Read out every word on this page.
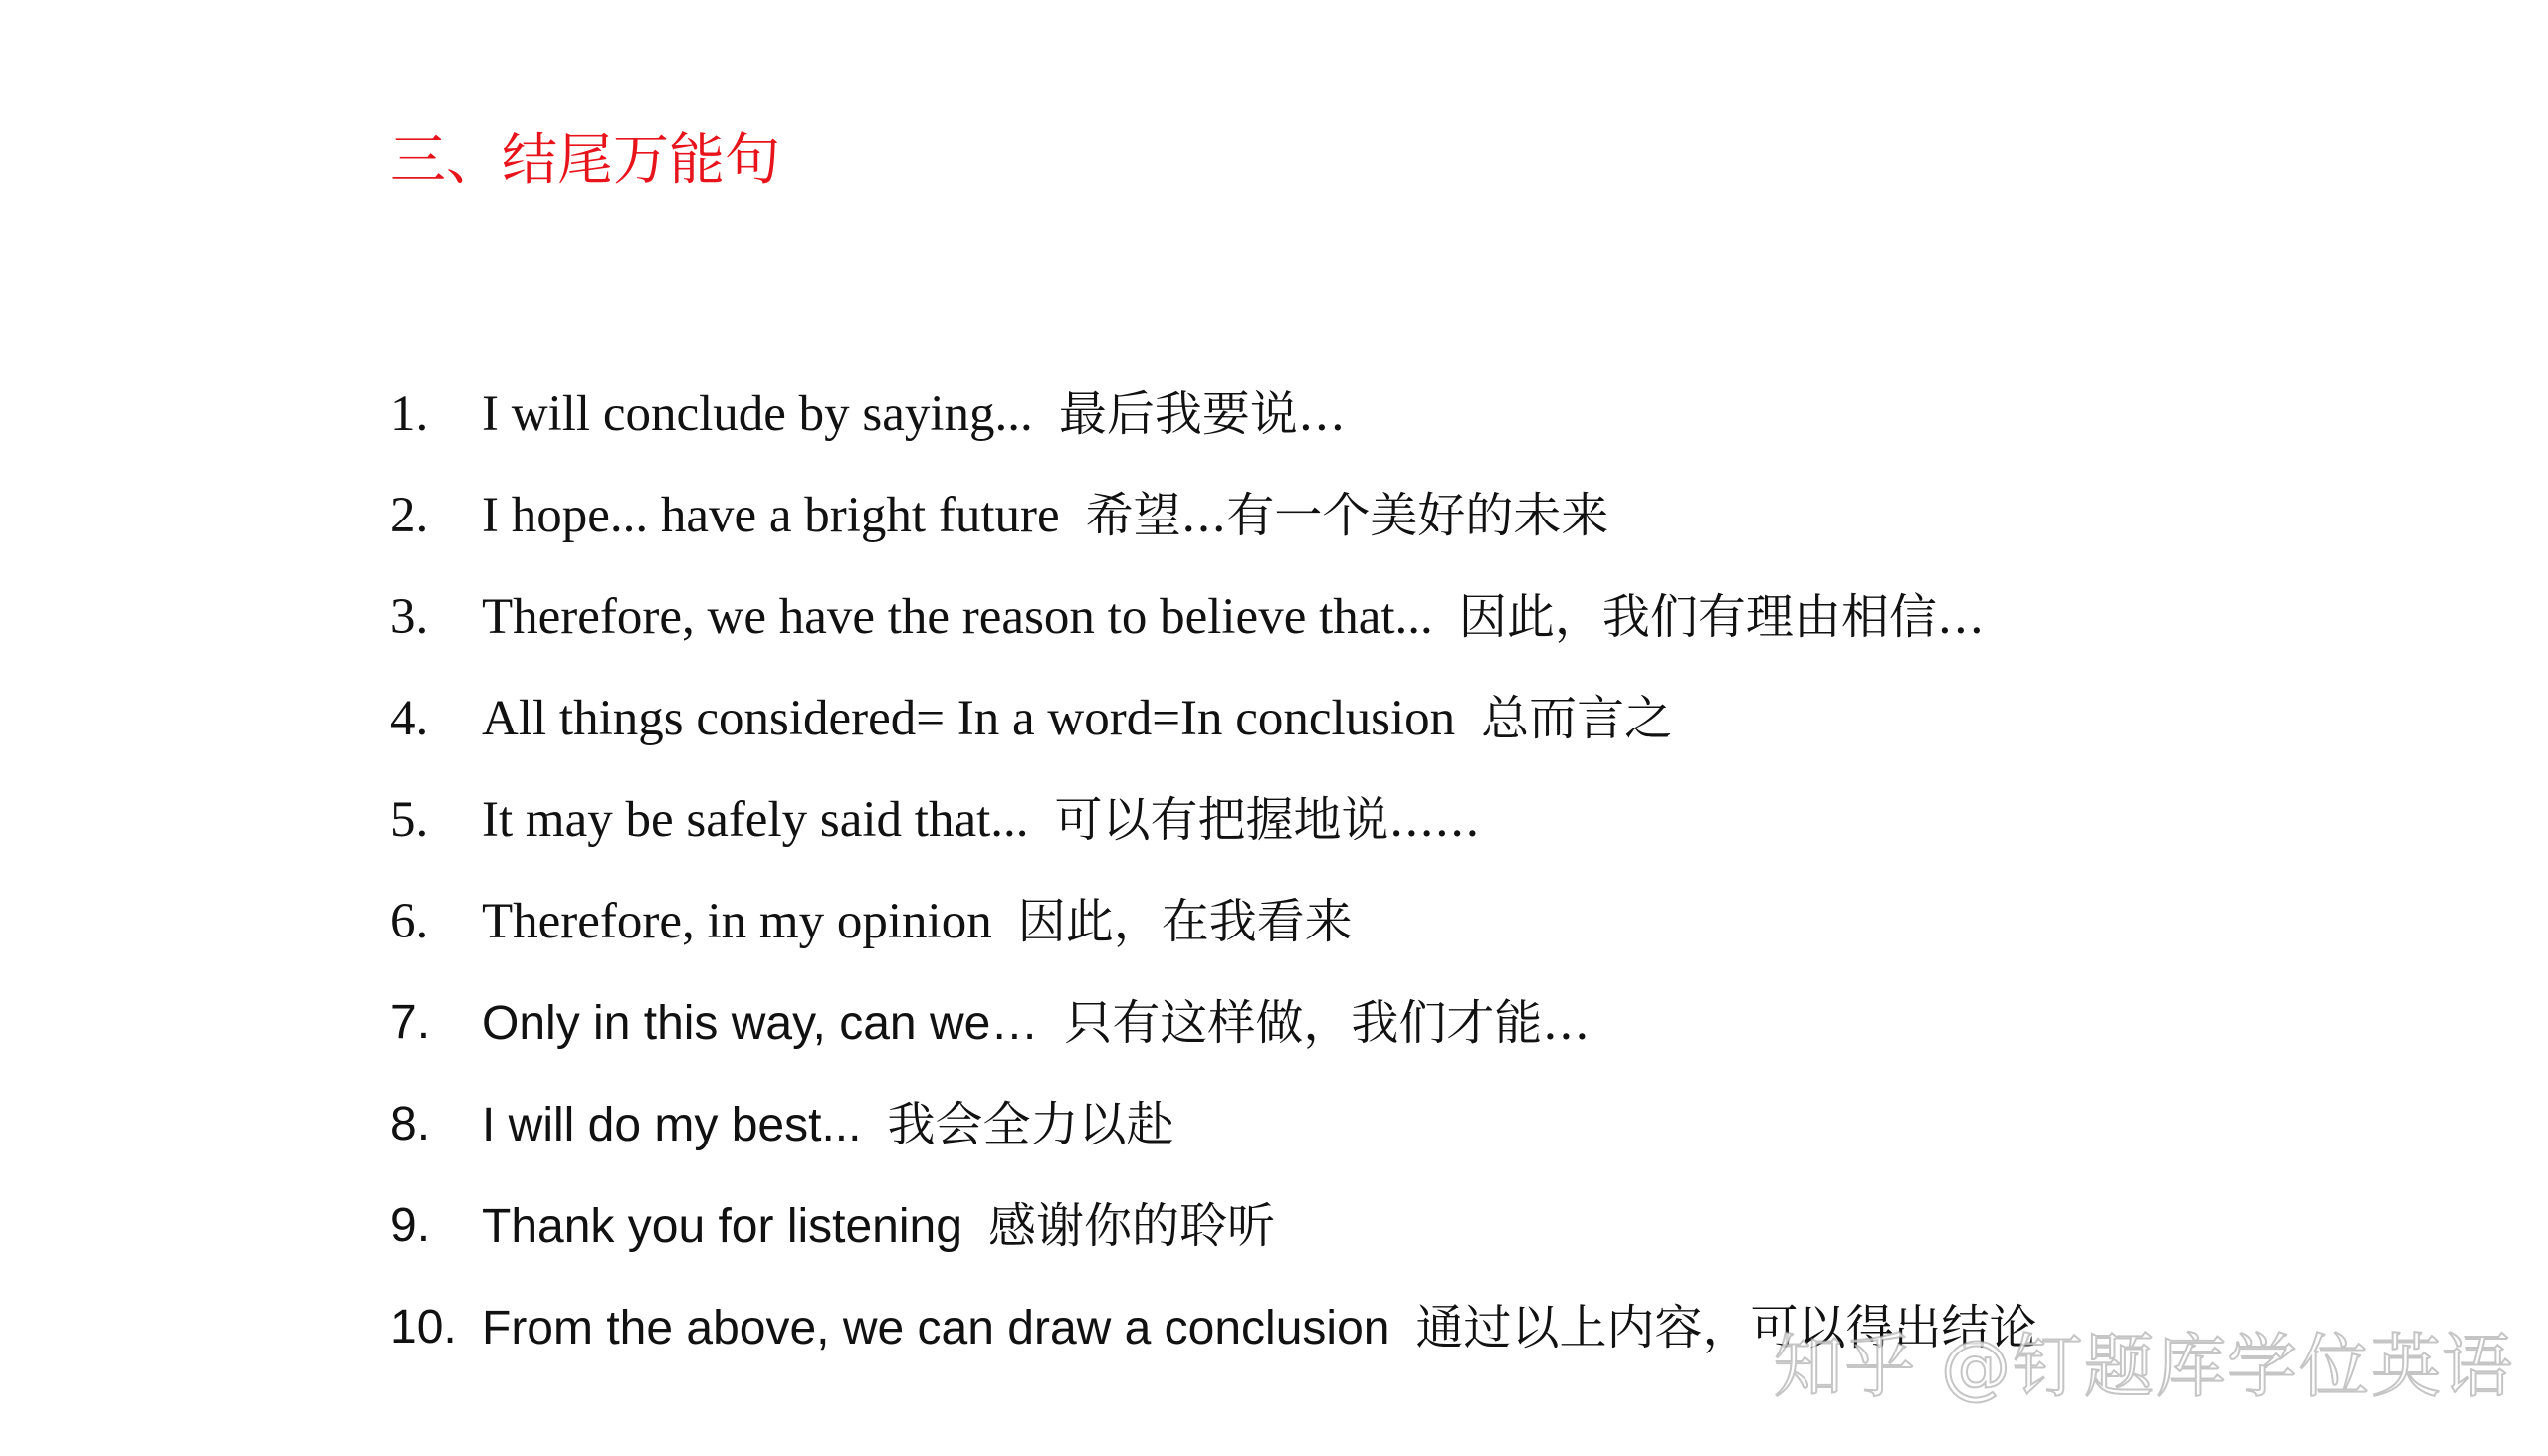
三、结尾万能句
1.	I will conclude by saying... 最后我要说…
2.	I hope... have a bright future 希望...有一个美好的未来
3.	Therefore, we have the reason to believe that... 因此，我们有理由相信…
4.	All things considered= In a word=In conclusion 总而言之
5.	It may be safely said that... 可以有把握地说......
6.	Therefore, in my opinion 因此，在我看来
7.	Only in this way, can we… 只有这样做，我们才能…
8.	I will do my best... 我会全力以赴
9.	Thank you for listening 感谢你的聆听
10. From the above, we can draw a conclusion 通过以上内容，可以得出结论
知乎 @钉题库学位英语
